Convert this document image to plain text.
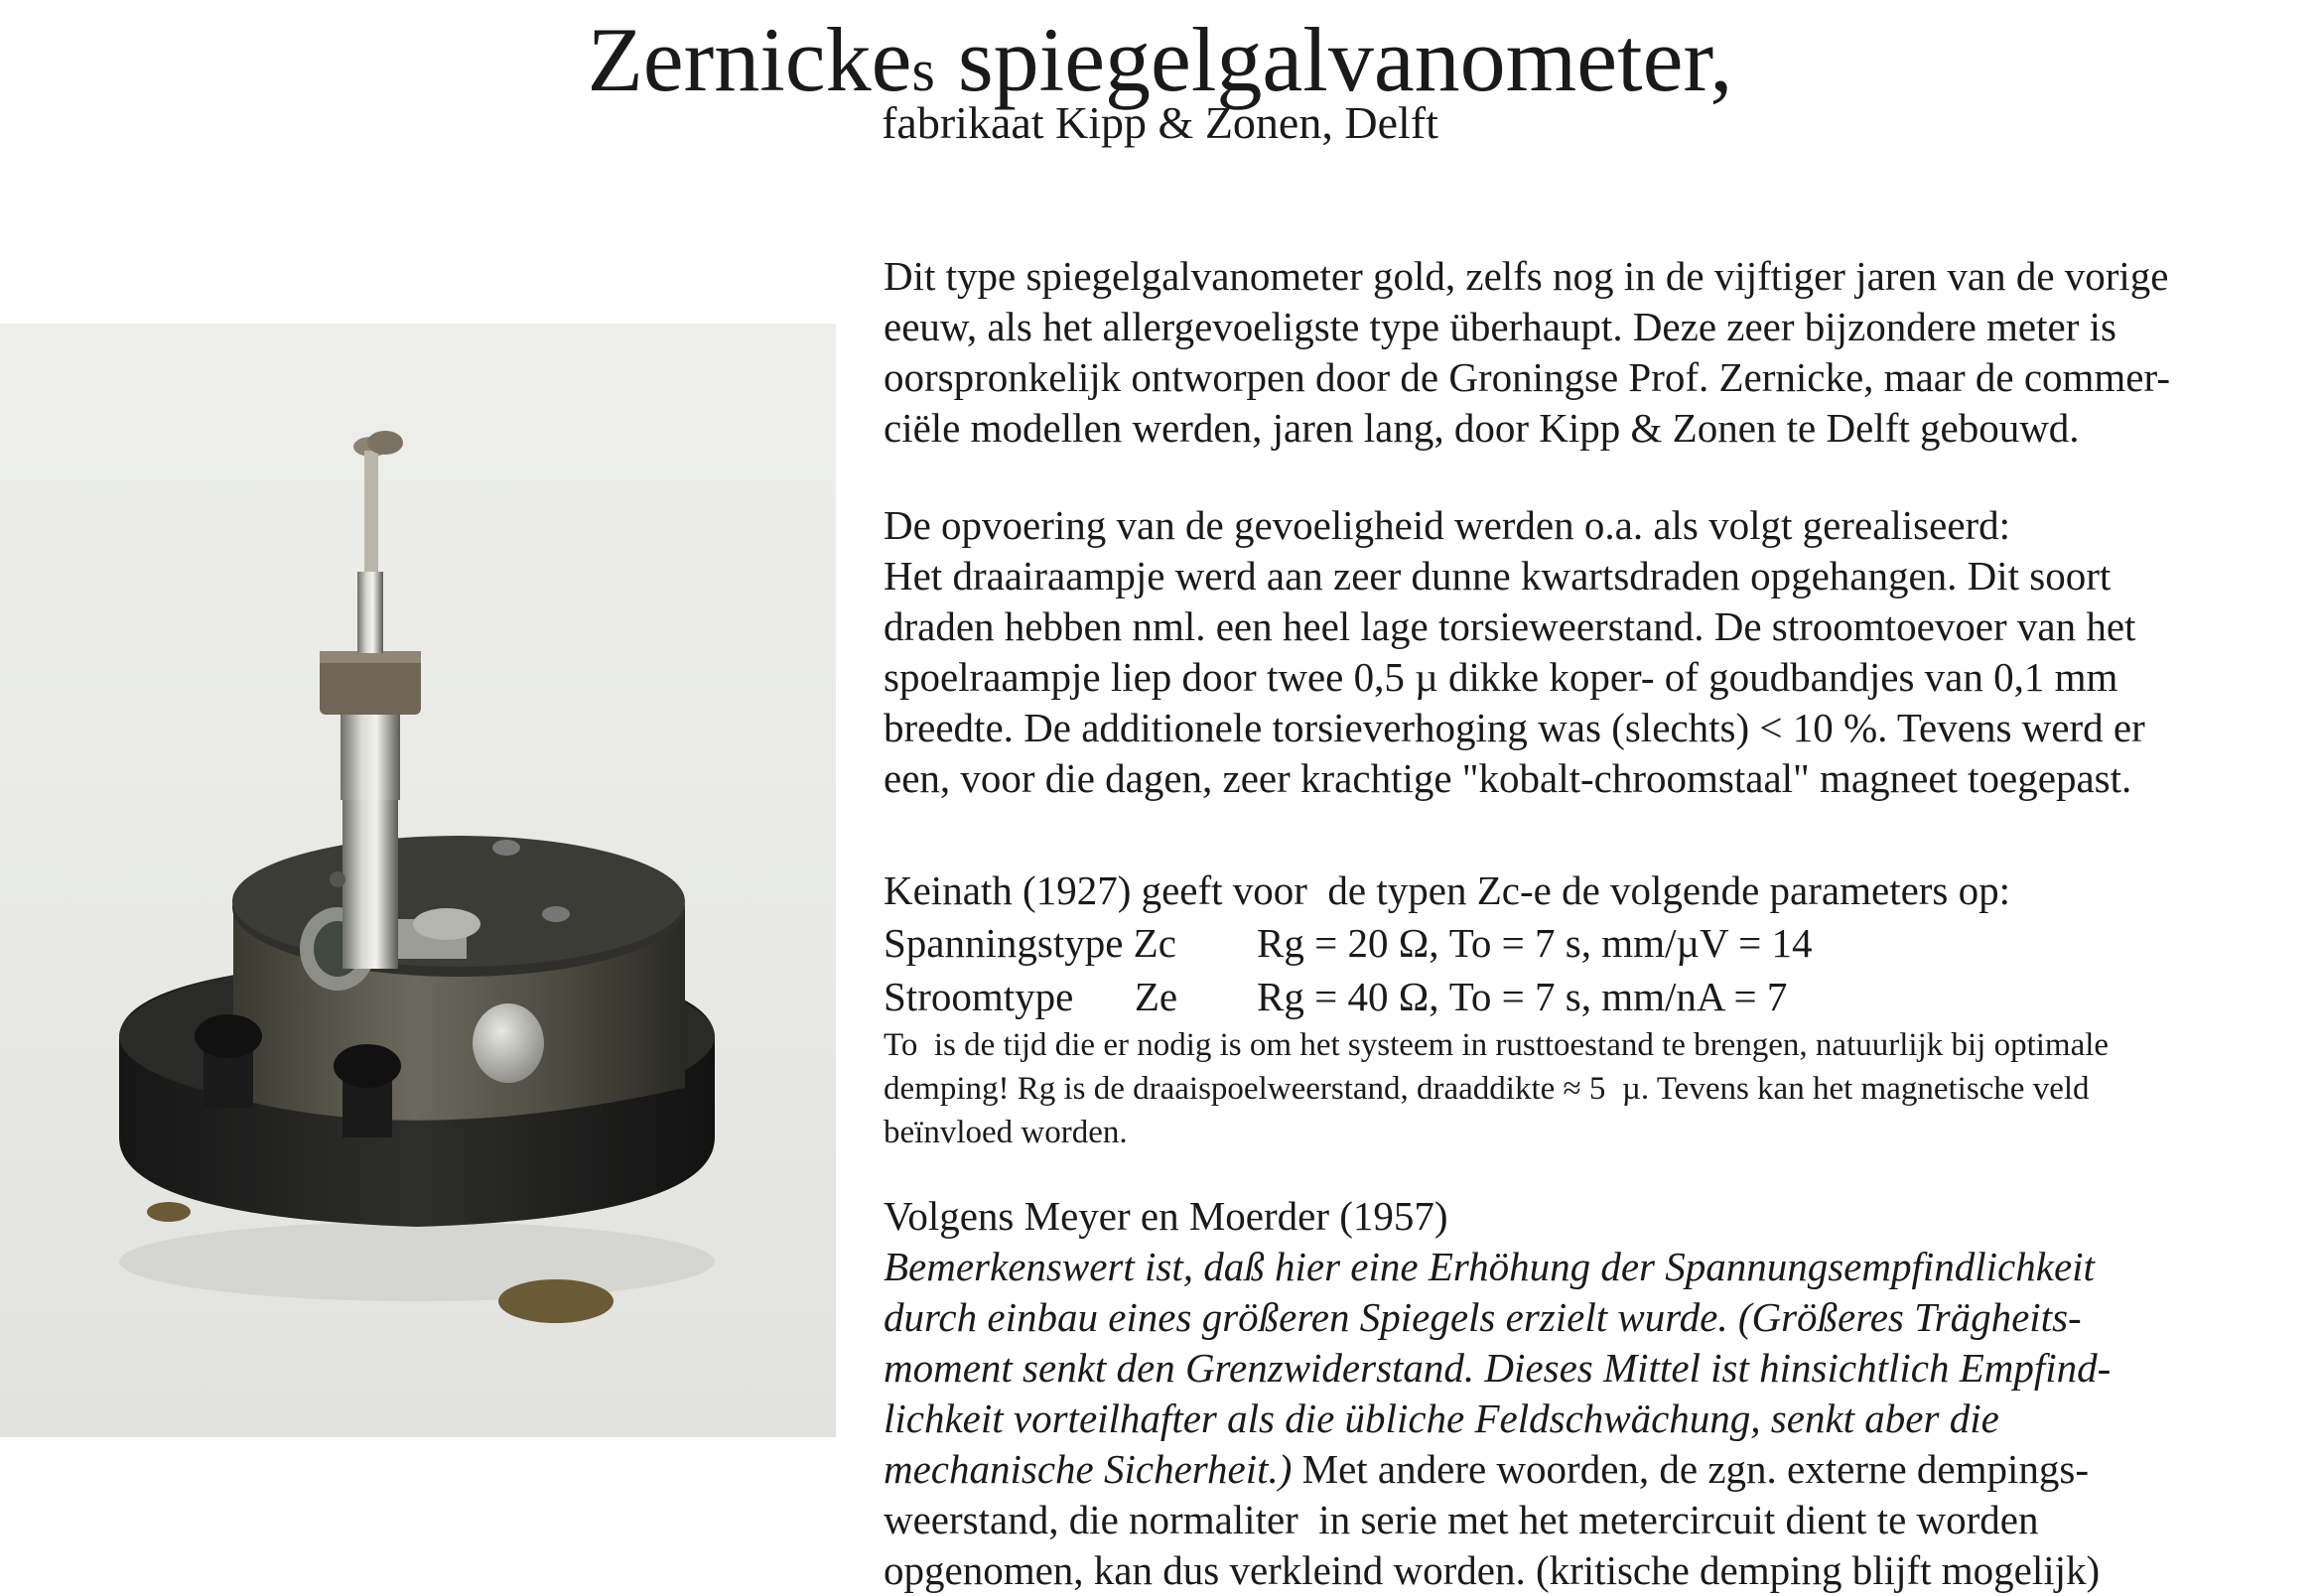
Zernickes spiegelgalvanometer,
fabrikaat Kipp & Zonen, Delft

Dit type spiegelgalvanometer gold, zelfs nog in de vijftiger jaren van de vorige

eeuw, als het allergevoeligste type überhaupt. Deze zeer bijzondere meter is

oorspronkelijk ontworpen door de Groningse Prof. Zernicke, maar de commer-

ciële modellen werden, jaren lang, door Kipp & Zonen te Delft gebouwd.

De opvoering van de gevoeligheid werden o.a. als volgt gerealiseerd:

Het draairaampje werd aan zeer dunne kwartsdraden opgehangen. Dit soort

draden hebben nml. een heel lage torsieweerstand. De stroomtoevoer van het

spoelraampje liep door twee 0,5 µ dikke koper- of goudbandjes van 0,1 mm

breedte. De additionele torsieverhoging was (slechts) < 10 %. Tevens werd er

een, voor die dagen, zeer krachtige "kobalt-chroomstaal" magneet toegepast.

Keinath (1927) geeft voor  de typen Zc-e de volgende parameters op:

Spanningstype Zc Rg = 20 Ω, To = 7 s, mm/µV = 14

Stroomtype      Ze Rg = 40 Ω, To = 7 s, mm/nA = 7

To  is de tijd die er nodig is om het systeem in rusttoestand te brengen, natuurlijk bij optimale

demping! Rg is de draaispoelweerstand, draaddikte ≈ 5  µ. Tevens kan het magnetische veld

beïnvloed worden.

Volgens Meyer en Moerder (1957)

Bemerkenswert ist, daß hier eine Erhöhung der Spannungsempfindlichkeit

durch einbau eines größeren Spiegels erzielt wurde. (Größeres Trägheits-

moment senkt den Grenzwiderstand. Dieses Mittel ist hinsichtlich Empfind-

lichkeit vorteilhafter als die übliche Feldschwächung, senkt aber die

mechanische Sicherheit.) Met andere woorden, de zgn. externe dempings-

weerstand, die normaliter  in serie met het metercircuit dient te worden

opgenomen, kan dus verkleind worden. (kritische demping blijft mogelijk)
